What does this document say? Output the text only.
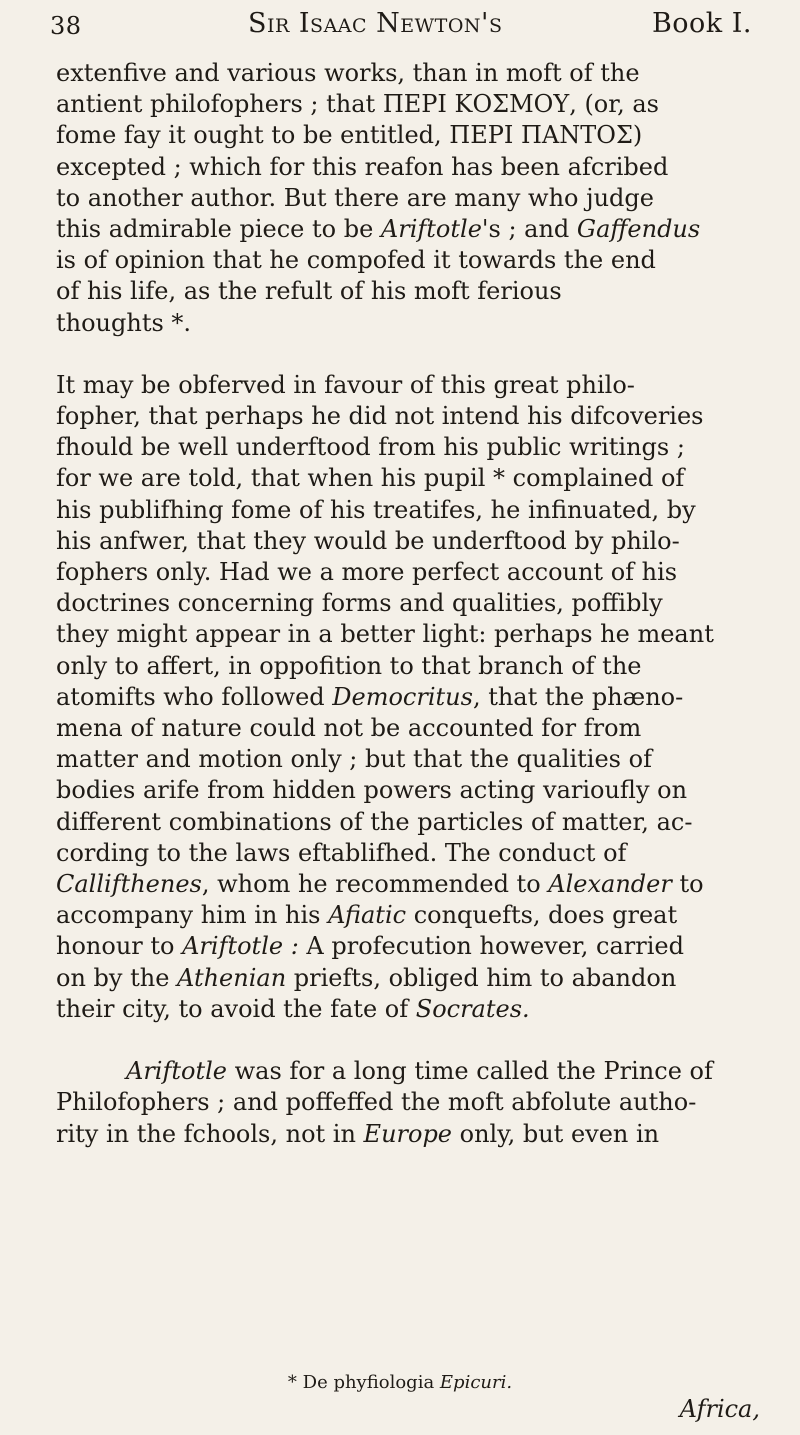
38	Sir Isaac Newton's	Book I.
extenfive and various works, than in moft of the
antient philofophers ; that ΠEPI ΚΟΣΜΟΥ, (or, as
fome fay it ought to be entitled, ΠΕΡΙ ΠΑΝΤΟΣ)
excepted ; which for this reafon has been afcribed
to another author. But there are many who judge
this admirable piece to be Ariftotle's ; and Gaffendus
is of opinion that he compofed it towards the end
of his life, as the refult of his moft ferious
thoughts *.
It may be obferved in favour of this great philo-
fopher, that perhaps he did not intend his difcoveries
fhould be well underftood from his public writings ;
for we are told, that when his pupil * complained of
his publifhing fome of his treatifes, he infinuated, by
his anfwer, that they would be underftood by philo-
fophers only. Had we a more perfect account of his
doctrines concerning forms and qualities, poffibly
they might appear in a better light: perhaps he meant
only to affert, in oppofition to that branch of the
atomifts who followed Democritus, that the phæno-
mena of nature could not be accounted for from
matter and motion only ; but that the qualities of
bodies arife from hidden powers acting varioufly on
different combinations of the particles of matter, ac-
cording to the laws eftablifhed. The conduct of
Callifthenes, whom he recommended to Alexander to
accompany him in his Afiatic conquefts, does great
honour to Ariftotle : A profecution however, carried
on by the Athenian priefts, obliged him to abandon
their city, to avoid the fate of Socrates.
Ariftotle was for a long time called the Prince of
Philofophers ; and poffeffed the moft abfolute autho-
rity in the fchools, not in Europe only, but even in
* De phyfiologia Epicuri.
Africa,
